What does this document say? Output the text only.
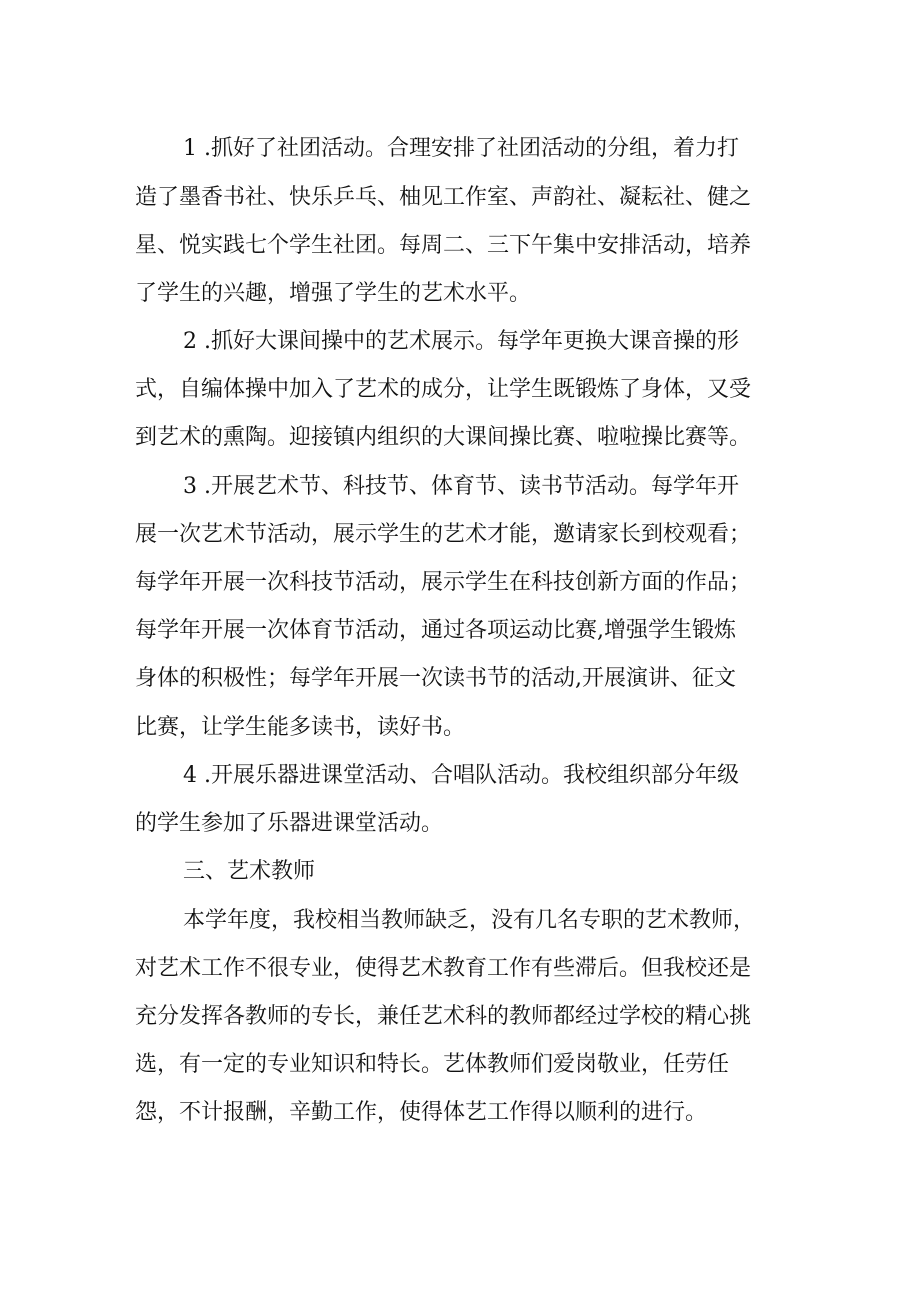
1 .抓好了社团活动。合理安排了社团活动的分组，着力打
造了墨香书社、快乐乒乓、柚见工作室、声韵社、凝耘社、健之
星、悦实践七个学生社团。每周二、三下午集中安排活动，培养
了学生的兴趣，增强了学生的艺术水平。
2 .抓好大课间操中的艺术展示。每学年更换大课音操的形
式，自编体操中加入了艺术的成分，让学生既锻炼了身体，又受
到艺术的熏陶。迎接镇内组织的大课间操比赛、啦啦操比赛等。
3 .开展艺术节、科技节、体育节、读书节活动。每学年开
展一次艺术节活动，展示学生的艺术才能，邀请家长到校观看；
每学年开展一次科技节活动，展示学生在科技创新方面的作品；
每学年开展一次体育节活动，通过各项运动比赛,增强学生锻炼
身体的积极性；每学年开展一次读书节的活动,开展演讲、征文
比赛，让学生能多读书，读好书。
4 .开展乐器进课堂活动、合唱队活动。我校组织部分年级
的学生参加了乐器进课堂活动。
三、艺术教师
本学年度，我校相当教师缺乏，没有几名专职的艺术教师，
对艺术工作不很专业，使得艺术教育工作有些滞后。但我校还是
充分发挥各教师的专长，兼任艺术科的教师都经过学校的精心挑
选，有一定的专业知识和特长。艺体教师们爱岗敬业，任劳任
怨，不计报酬，辛勤工作，使得体艺工作得以顺利的进行。
